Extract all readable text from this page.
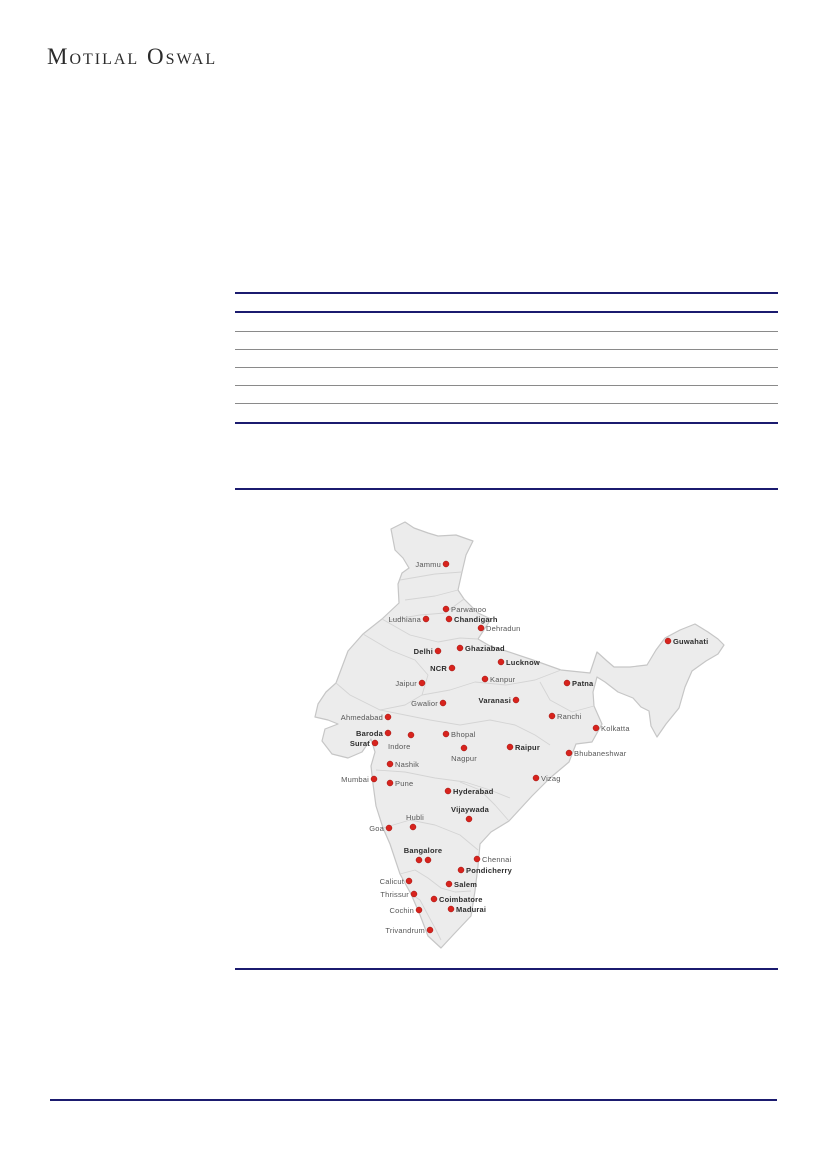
Motilal Oswal
Jammu
Parwanoo
Ludhiana	Chandigarh
Dehradun
Delhi	Ghaziabad
NCR
Lucknow
Jaipur	Kanpur	Patna
Gwalior	Varanasi
Ranchi
Kolkatta
Guwahati
Ahmedabad
Baroda
Surat Indore
Bhopal
Nagpur
Raipur
Bhubaneshwar
Nashik
Mumbai	Pune
Hyderabad
Vizag
Vijaywada
Goa
Hubli
Bangalore
Chennai
Pondicherry
Calicut	Salem
Thrissur
Coimbatore
Cochin	Madurai
Trivandrum
